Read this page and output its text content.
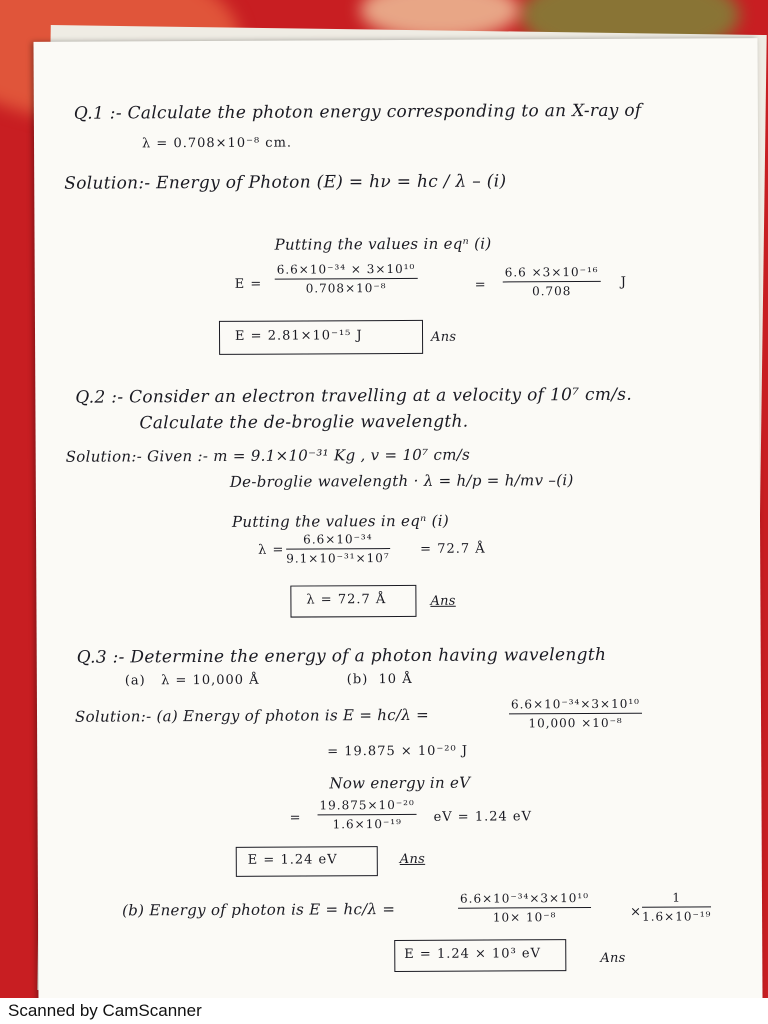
Q.1 :- Calculate the photon energy corresponding to an X-ray of
λ = 0.708×10⁻⁸ cm.
Solution:- Energy of Photon (E) = hν = hc / λ – (i)
Putting the values in eqⁿ (i)
$E = \frac{\text{6.6×10⁻³⁴ × 3×10¹⁰}}{\text{0.708×10⁻⁸}}$	= $\frac{\text{6.6 ×3×10⁻¹⁶}}{0.708}$ J
E = 2.81×10⁻¹⁵ J	Ans
Q.2 :- Consider an electron travelling at a velocity of 10⁷ cm/s.
Calculate the de-broglie wavelength.
Solution:- Given :- m = 9.1×10⁻³¹ Kg , v = 10⁷ cm/s
De-broglie wavelength · λ = h/p = h/mv –(i)
Putting the values in eqⁿ (i)
$\lambda = \frac{\text{6.6×10⁻³⁴}}{\text{9.1×10⁻³¹×10⁷}} = 72.7$ Å
λ = 72.7 Å	Ans
Q.3 :- Determine the energy of a photon having wavelength
(a)   λ = 10,000 Å                 (b)  10 Å
Solution:- (a) Energy of photon is E = hc/λ =	$\frac{\text{6.6×10⁻³⁴×3×10¹⁰}}{\text{10,000 ×10⁻⁸}}$
= 19.875 × 10⁻²⁰ J
Now energy in eV
= $\frac{\text{19.875×10⁻²⁰}}{\text{1.6×10⁻¹⁹}}$ eV = 1.24 eV
E = 1.24 eV	Ans
(b) Energy of photon is E = hc/λ =	$\frac{\text{6.6×10⁻³⁴×3×10¹⁰}}{\text{10× 10⁻⁸}}$	× $\frac{1}{\text{1.6×10⁻¹⁹}}$
E = 1.24 × 10³ eV	Ans
Scanned by CamScanner
